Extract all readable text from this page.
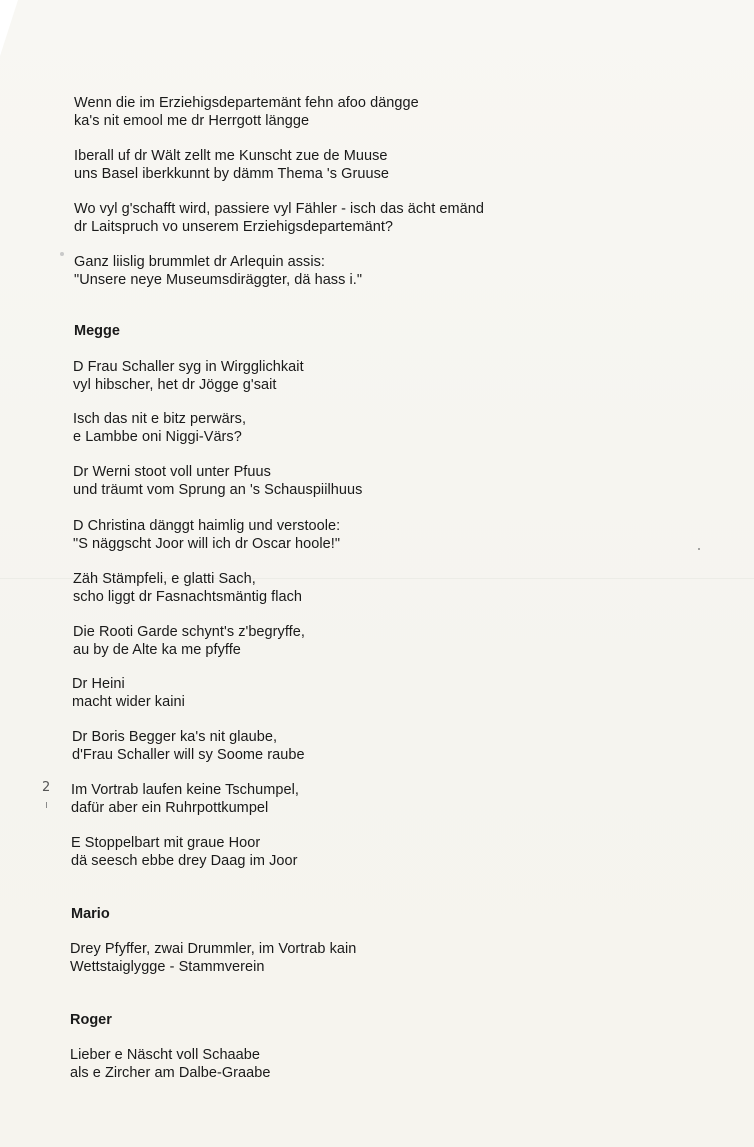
Wenn die im Erziehigsdepartemänt fehn afoo dängge
ka's nit emool me dr Herrgott längge
Iberall uf dr Wält zellt me Kunscht zue de Muuse
uns Basel iberkkunnt by dämm Thema 's Gruuse
Wo vyl g'schafft wird, passiere vyl Fähler - isch das ächt emänd
dr Laitspruch vo unserem Erziehigsdepartemänt?
Ganz liislig brummlet dr Arlequin assis:
"Unsere neye Museumsdiräggter, dä hass i."
Megge
D Frau Schaller syg in Wirgglichkait
vyl hibscher, het dr Jögge g'sait
Isch das nit e bitz perwärs,
e Lambbe oni Niggi-Värs?
Dr Werni stoot voll unter Pfuus
und träumt vom Sprung an 's Schauspiilhuus
D Christina dänggt haimlig und verstoole:
"S näggscht Joor will ich dr Oscar hoole!"
Zäh Stämpfeli, e glatti Sach,
scho liggt dr Fasnachtsmäntig flach
Die Rooti Garde schynt's z'begryffe,
au by de Alte ka me pfyffe
Dr Heini
macht wider kaini
Dr Boris Begger ka's nit glaube,
d'Frau Schaller will sy Soome raube
2 Im Vortrab laufen keine Tschumpel,
dafür aber ein Ruhrpottkumpel
E Stoppelbart mit graue Hoor
dä seesch ebbe drey Daag im Joor
Mario
Drey Pfyffer, zwai Drummler, im Vortrab kain
Wettstaiglygge - Stammverein
Roger
Lieber e Näscht voll Schaabe
als e Zircher am Dalbe-Graabe
